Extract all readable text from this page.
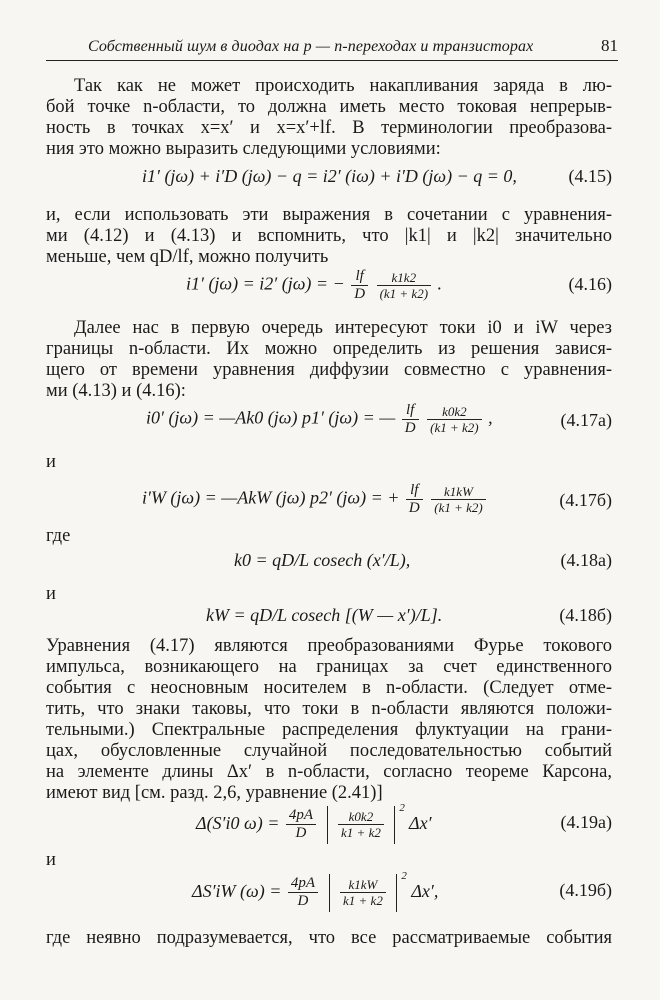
Собственный шум в диодах на p — n-переходах и транзисторах	81
Так как не может происходить накапливания заряда в лю-
бой точке n-области, то должна иметь место токовая непрерыв-
ность в точках x=x′ и x=x′+lf. В терминологии преобразова-
ния это можно выразить следующими условиями:
i1′ (jω) + i′D (jω) − q = i2′ (iω) + i′D (jω) − q = 0,	(4.15)
и, если использовать эти выражения в сочетании с уравнения-
ми (4.12) и (4.13) и вспомнить, что |k1| и |k2| значительно
меньше, чем qD/lf, можно получить
i1′ (jω) = i2′ (jω) = − $\frac{lf}{D}$
$\frac{k1k2}{(k1 + k2)}$ .	(4.16)
Далее нас в первую очередь интересуют токи i0 и iW через
границы n-области. Их можно определить из решения завися-
щего от времени уравнения диффузии совместно с уравнения-
ми (4.13) и (4.16):
i0′ (jω) = —Ak0 (jω) p1′ (jω) = — $\frac{lf}{D}$
$\frac{k0k2}{(k1 + k2)}$ ,	(4.17a)
и
i′W (jω) = —AkW (jω) p2′ (jω) = + $\frac{lf}{D}$
$\frac{k1kW}{(k1 + k2)}$	(4.17б)
где
k0 = qD/L cosech (x′/L),	(4.18a)
и
kW = qD/L cosech [(W — x′)/L].	(4.18б)
Уравнения (4.17) являются преобразованиями Фурье токового
импульса, возникающего на границах за счет единственного
события с неосновным носителем в n-области. (Следует отме-
тить, что знаки таковы, что токи в n-области являются положи-
тельными.) Спектральные распределения флуктуации на грани-
цах, обусловленные случайной последовательностью событий
на элементе длины Δx′ в n-области, согласно теореме Карсона,
имеют вид [см. разд. 2,6, уравнение (2.41)]
Δ(S′i0 $\omega) = \frac{4pA}{D}$
$\frac{k0k2}{k1 + k2}$
$^2$ Δx′	(4.19a)
и
ΔS′iW $(\omega) = \frac{4pA}{D}$
$\frac{k1kW}{k1 + k2}$
$^2$ Δx′,	(4.19б)
где неявно подразумевается, что все рассматриваемые события
